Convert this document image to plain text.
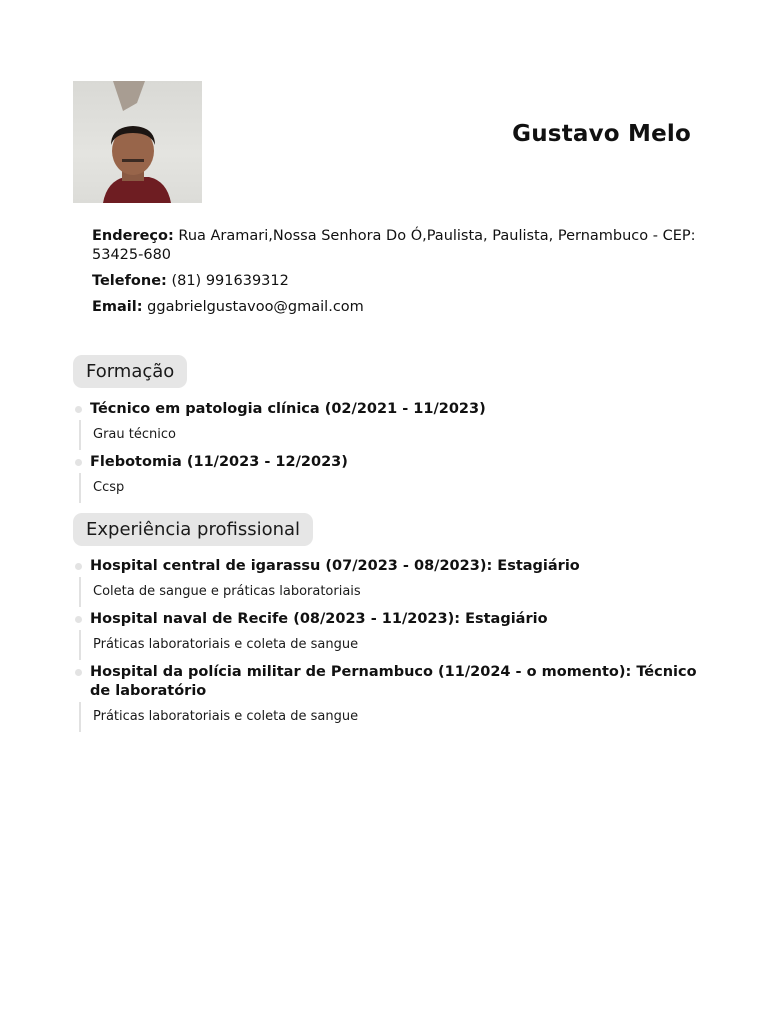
Gustavo Melo
Endereço: Rua Aramari,Nossa Senhora Do Ó,Paulista, Paulista, Pernambuco - CEP: 53425-680
Telefone: (81) 991639312
Email: ggabrielgustavoo@gmail.com
Formação
Técnico em patologia clínica (02/2021 - 11/2023)
Grau técnico
Flebotomia (11/2023 - 12/2023)
Ccsp
Experiência profissional
Hospital central de igarassu (07/2023 - 08/2023): Estagiário
Coleta de sangue e práticas laboratoriais
Hospital naval de Recife (08/2023 - 11/2023): Estagiário
Práticas laboratoriais e coleta de sangue
Hospital da polícia militar de Pernambuco (11/2024 - o momento): Técnico de laboratório
Práticas laboratoriais e coleta de sangue
